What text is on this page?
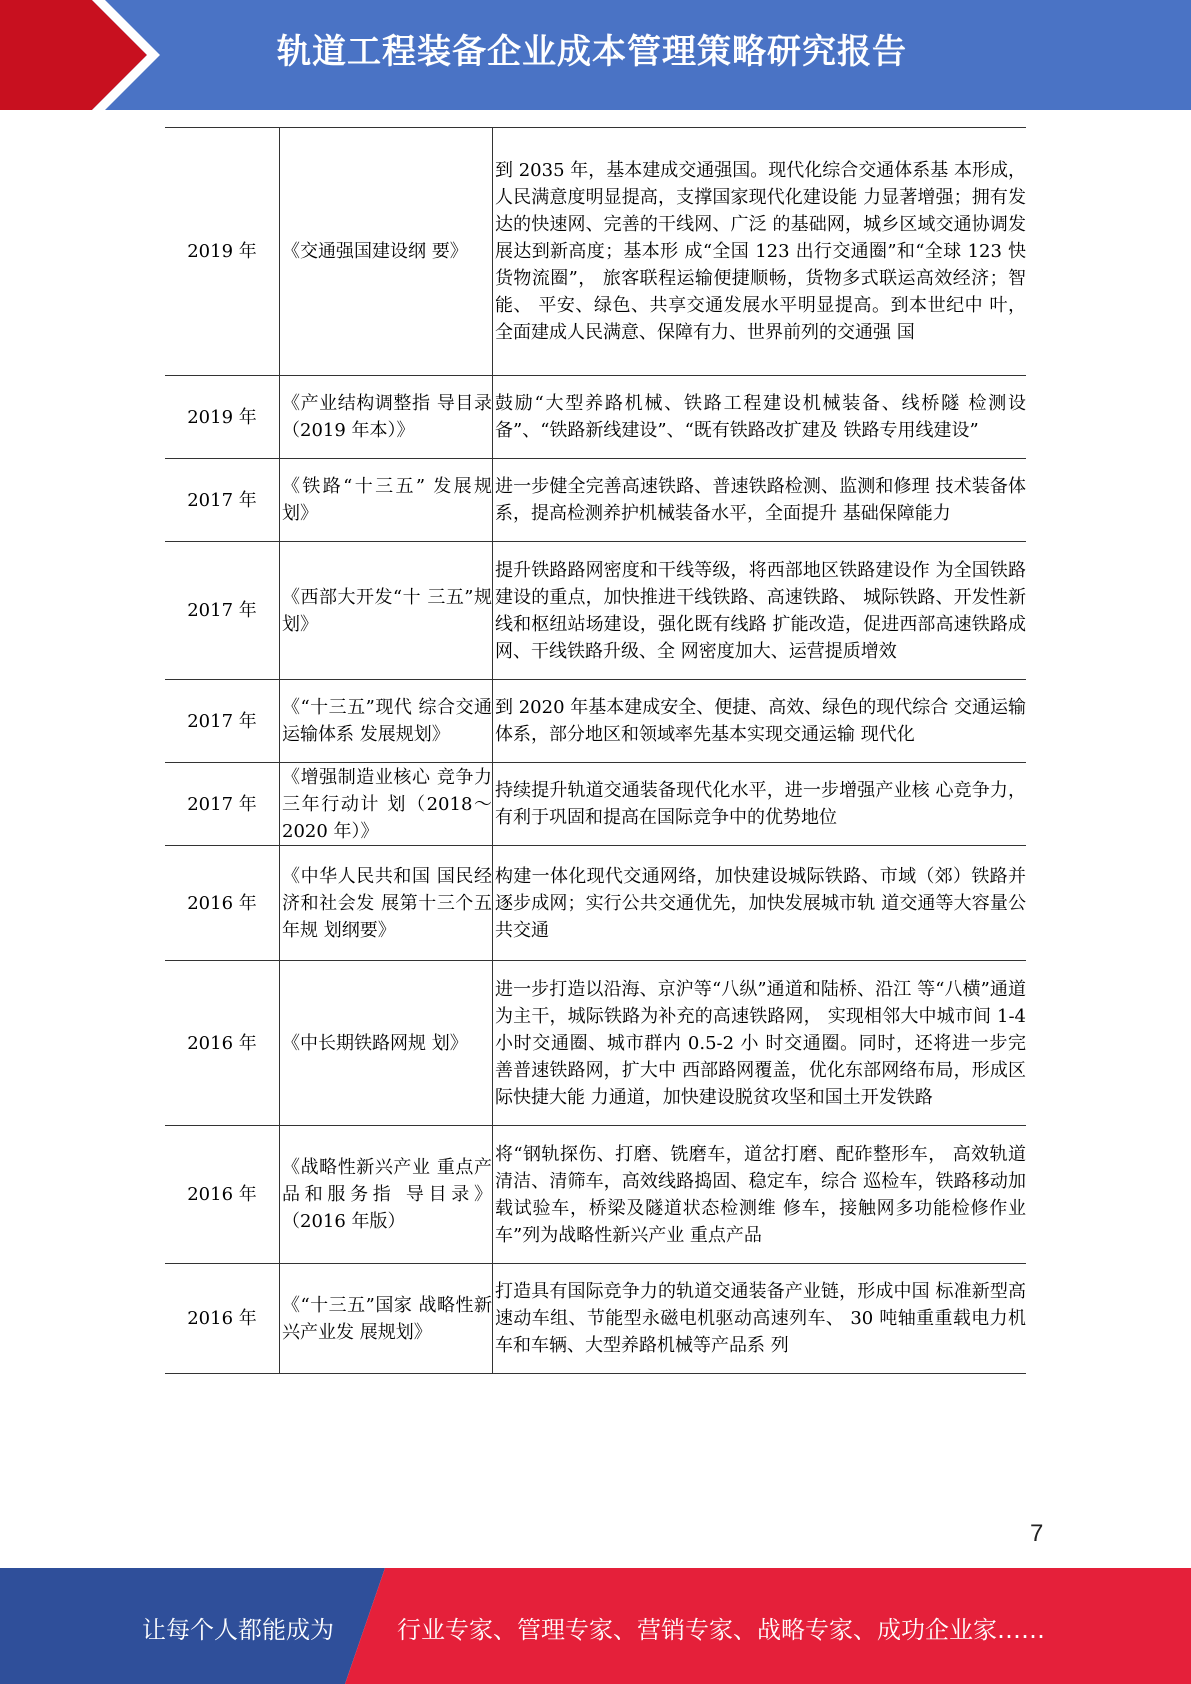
轨道工程装备企业成本管理策略研究报告
2019 年	《交通强国建设纲 要》	到 2035 年，基本建成交通强国。现代化综合交通体系基 本形成，人民满意度明显提高，支撑国家现代化建设能 力显著增强；拥有发达的快速网、完善的干线网、广泛 的基础网，城乡区域交通协调发展达到新高度；基本形 成“全国 123 出行交通圈”和“全球 123 快货物流圈”， 旅客联程运输便捷顺畅，货物多式联运高效经济；智能、 平安、绿色、共享交通发展水平明显提高。到本世纪中 叶，全面建成人民满意、保障有力、世界前列的交通强 国
2019 年	《产业结构调整指 导目录（2019 年本）》	鼓励“大型养路机械、铁路工程建设机械装备、线桥隧 检测设备”、“铁路新线建设”、“既有铁路改扩建及 铁路专用线建设”
2017 年	《铁路“十三五” 发展规划》	进一步健全完善高速铁路、普速铁路检测、监测和修理 技术装备体系，提高检测养护机械装备水平，全面提升 基础保障能力
2017 年	《西部大开发“十 三五”规划》	提升铁路路网密度和干线等级，将西部地区铁路建设作 为全国铁路建设的重点，加快推进干线铁路、高速铁路、 城际铁路、开发性新线和枢纽站场建设，强化既有线路 扩能改造，促进西部高速铁路成网、干线铁路升级、全 网密度加大、运营提质增效
2017 年	《“十三五”现代 综合交通运输体系 发展规划》	到 2020 年基本建成安全、便捷、高效、绿色的现代综合 交通运输体系，部分地区和领域率先基本实现交通运输 现代化
2017 年	《增强制造业核心 竞争力三年行动计 划（2018～2020 年）》	持续提升轨道交通装备现代化水平，进一步增强产业核 心竞争力，有利于巩固和提高在国际竞争中的优势地位
2016 年	《中华人民共和国 国民经济和社会发 展第十三个五年规 划纲要》	构建一体化现代交通网络，加快建设城际铁路、市域（郊）铁路并逐步成网；实行公共交通优先，加快发展城市轨 道交通等大容量公共交通
2016 年	《中长期铁路网规 划》	进一步打造以沿海、京沪等“八纵”通道和陆桥、沿江 等“八横”通道为主干，城际铁路为补充的高速铁路网， 实现相邻大中城市间 1-4 小时交通圈、城市群内 0.5-2 小 时交通圈。同时，还将进一步完善普速铁路网，扩大中 西部路网覆盖，优化东部网络布局，形成区际快捷大能 力通道，加快建设脱贫攻坚和国土开发铁路
2016 年	《战略性新兴产业 重点产品和服务指 导目录》（2016 年版）	将“钢轨探伤、打磨、铣磨车，道岔打磨、配砟整形车， 高效轨道清洁、清筛车，高效线路捣固、稳定车，综合 巡检车，铁路移动加载试验车，桥梁及隧道状态检测维 修车，接触网多功能检修作业车”列为战略性新兴产业 重点产品
2016 年	《“十三五”国家 战略性新兴产业发 展规划》	打造具有国际竞争力的轨道交通装备产业链，形成中国 标准新型高速动车组、节能型永磁电机驱动高速列车、 30 吨轴重重载电力机车和车辆、大型养路机械等产品系 列
7
让每个人都能成为	行业专家、管理专家、营销专家、战略专家、成功企业家……
